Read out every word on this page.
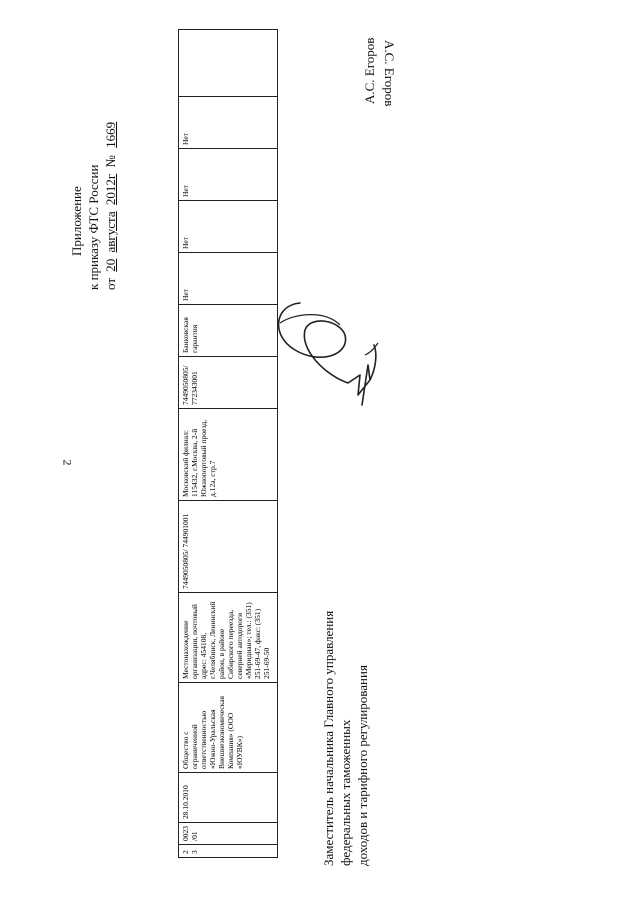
2
А.С. Егоров
Приложение к приказу ФТС России от 20 августа 2012г № 1669
А.С. Егоров
Заместитель начальника Главного управления федеральных таможенных доходов и тарифного регулирования
23	0023/01	28.10.2010	Общество с ограниченной ответственностью «Южно-Уральская Внешнеэкономическая Компания» (ООО «ЮУВК»)	Местонахождение организации, почтовый адрес: 454108, г.Челябинск, Ленинский район, в районе Сибирского переезда, северней автодороги «Меридиан»; тел.: (351) 251-69-47, факс: (351) 251-69-50	7449050805/ 744901001	Московский филиал: 115432, г.Москва, 2-й Южнопортовый проезд, д.12а, стр.7	7449050805/ 772343001	Банковская гарантия	Нет	Нет	Нет	Нет	
